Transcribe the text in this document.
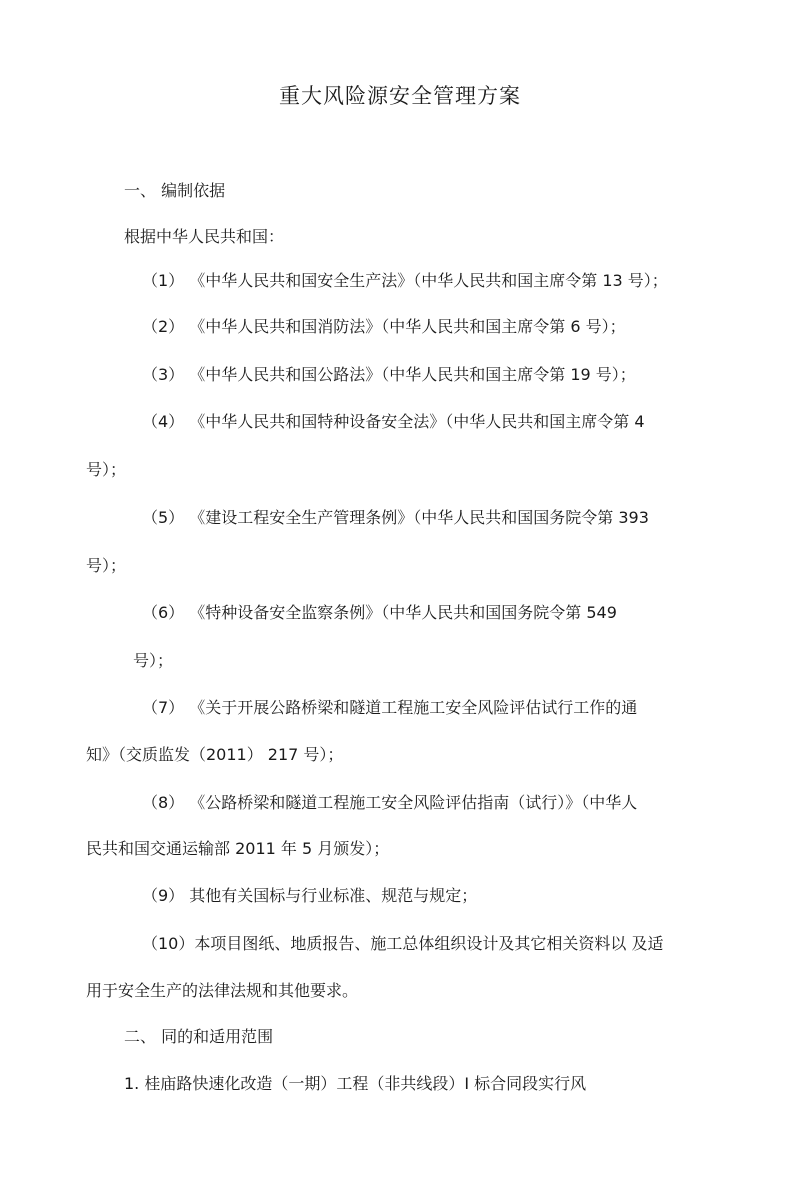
重大风险源安全管理方案
一、 编制依据
根据中华人民共和国：
（1） 《中华人民共和国安全生产法》（中华人民共和国主席令第 13 号）；
（2） 《中华人民共和国消防法》（中华人民共和国主席令第 6 号）；
（3） 《中华人民共和国公路法》（中华人民共和国主席令第 19 号）；
（4） 《中华人民共和国特种设备安全法》（中华人民共和国主席令第 4
号）；
（5） 《建设工程安全生产管理条例》（中华人民共和国国务院令第 393
号）；
（6） 《特种设备安全监察条例》（中华人民共和国国务院令第 549
号）；
（7） 《关于开展公路桥梁和隧道工程施工安全风险评估试行工作的通
知》（交质监发（2011） 217 号）；
（8） 《公路桥梁和隧道工程施工安全风险评估指南（试行）》（中华人
民共和国交通运输部 2011 年 5 月颁发）；
（9） 其他有关国标与行业标准、规范与规定；
（10）本项目图纸、地质报告、施工总体组织设计及其它相关资料以 及适
用于安全生产的法律法规和其他要求。
二、 同的和适用范围
1. 桂庙路快速化改造（一期）工程（非共线段）I 标合同段实行风
